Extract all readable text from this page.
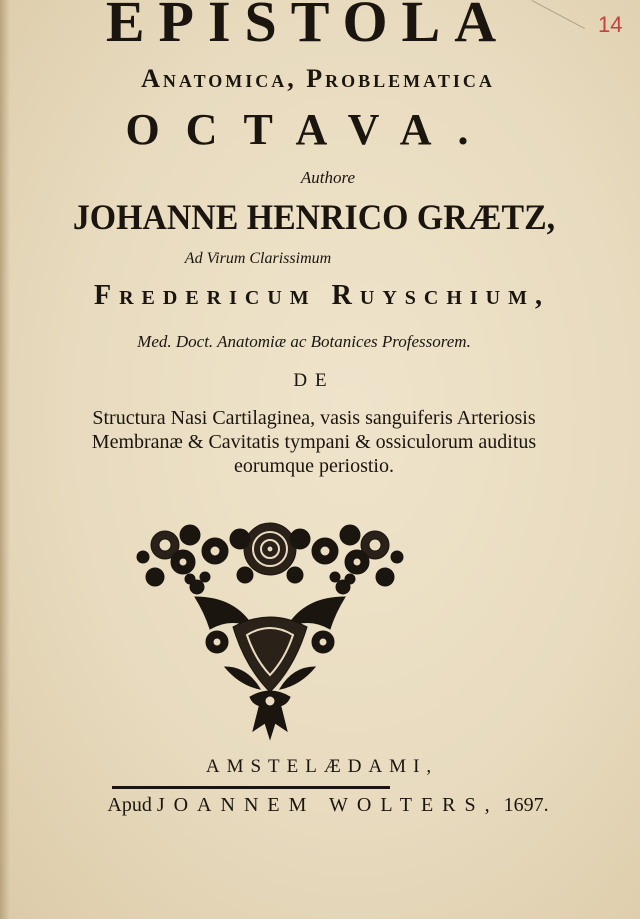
EPISTOLA
Anatomica, Problematica
OCTAVA.
Authore
JOHANNE HENRICO GRÆTZ,
Ad Virum Clarissimum
Fredericum Ruyschium,
Med. Doct. Anatomiæ ac Botanices Professorem.
DE
Structura Nasi Cartilaginea, vasis sanguiferis Arteriosis
Membranæ & Cavitatis tympani & ossiculorum auditus
eorumque periostio.
AMSTELÆDAMI,
Apud JOANNEM WOLTERS, 1697.
14
